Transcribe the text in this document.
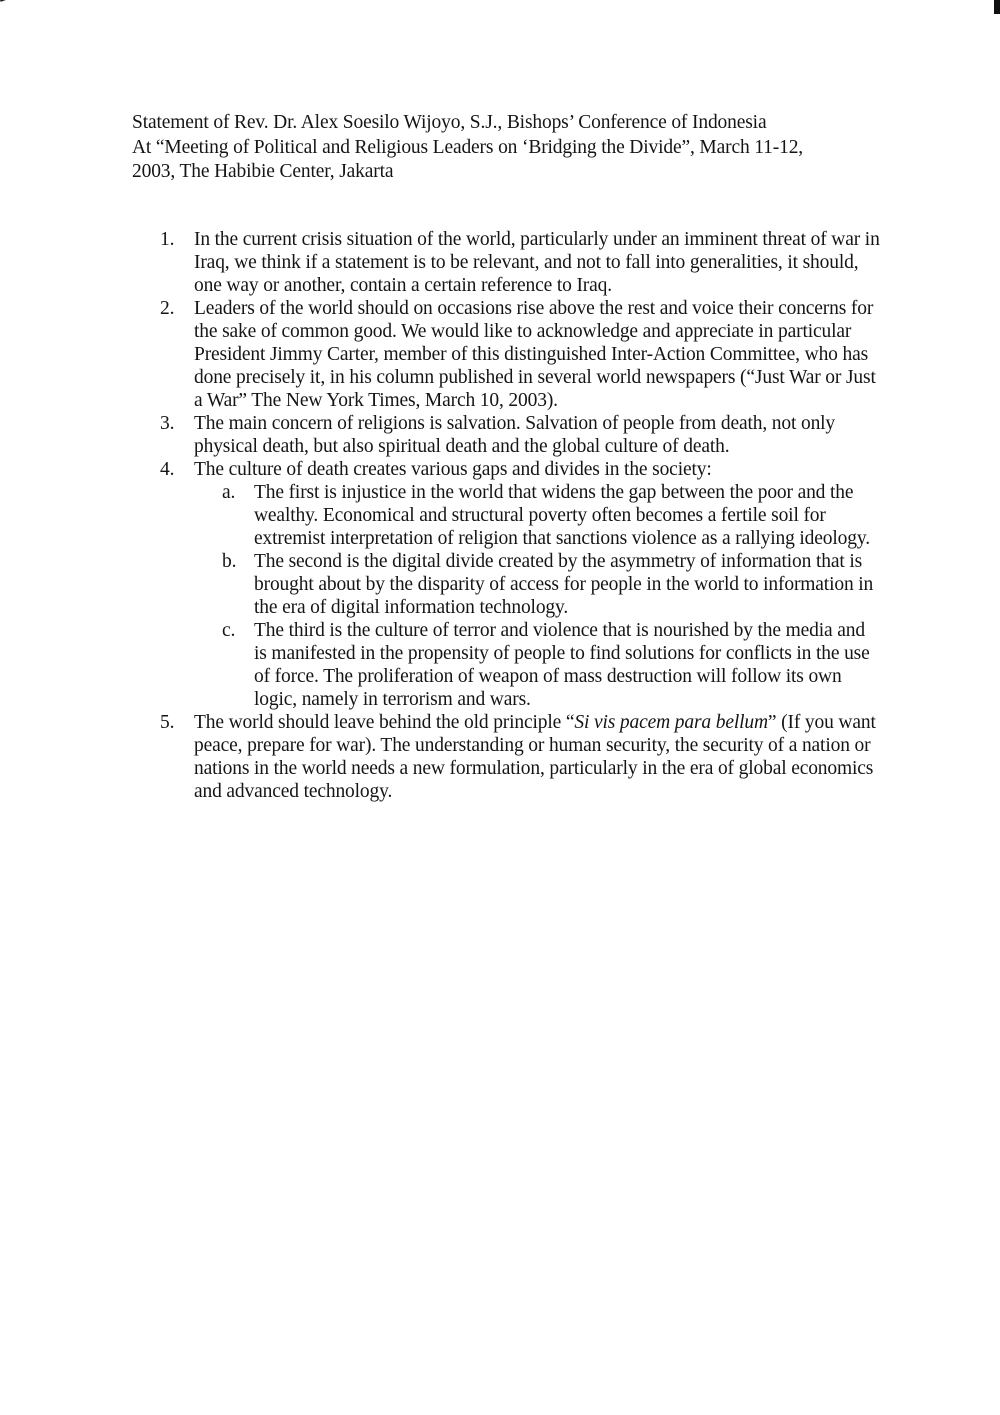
Statement of Rev. Dr. Alex Soesilo Wijoyo, S.J., Bishops’ Conference of Indonesia
At “Meeting of Political and Religious Leaders on ‘Bridging the Divide”, March 11-12,
2003, The Habibie Center, Jakarta
1. In the current crisis situation of the world, particularly under an imminent threat of war in Iraq, we think if a statement is to be relevant, and not to fall into generalities, it should, one way or another, contain a certain reference to Iraq.
2. Leaders of the world should on occasions rise above the rest and voice their concerns for the sake of common good. We would like to acknowledge and appreciate in particular President Jimmy Carter, member of this distinguished Inter-Action Committee, who has done precisely it, in his column published in several world newspapers (“Just War or Just a War” The New York Times, March 10, 2003).
3. The main concern of religions is salvation. Salvation of people from death, not only physical death, but also spiritual death and the global culture of death.
4. The culture of death creates various gaps and divides in the society:
a. The first is injustice in the world that widens the gap between the poor and the wealthy. Economical and structural poverty often becomes a fertile soil for extremist interpretation of religion that sanctions violence as a rallying ideology.
b. The second is the digital divide created by the asymmetry of information that is brought about by the disparity of access for people in the world to information in the era of digital information technology.
c. The third is the culture of terror and violence that is nourished by the media and is manifested in the propensity of people to find solutions for conflicts in the use of force. The proliferation of weapon of mass destruction will follow its own logic, namely in terrorism and wars.
5. The world should leave behind the old principle “Si vis pacem para bellum” (If you want peace, prepare for war). The understanding or human security, the security of a nation or nations in the world needs a new formulation, particularly in the era of global economics and advanced technology.
